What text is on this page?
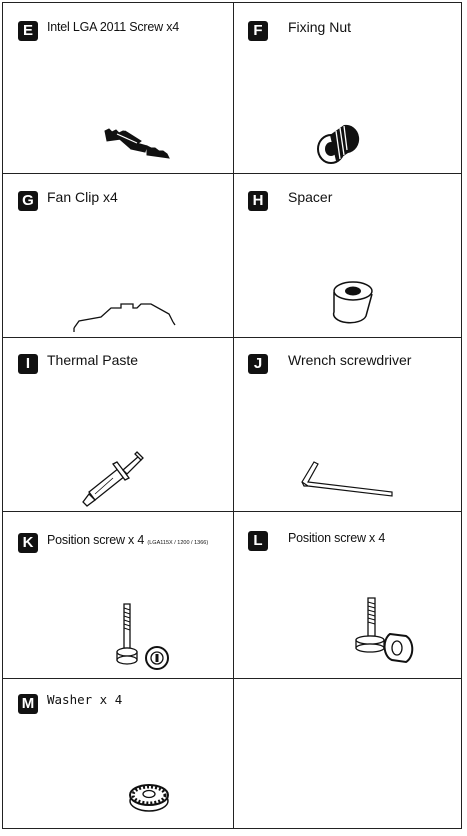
E	Intel LGA 2011 Screw x4	F	Fixing Nut
G Fan Clip x4	H	Spacer
I	Thermal Paste	J	Wrench screwdriver
K	Position screw x 4 (LGA115X / 1200 / 1366)	L	Position screw x 4
M	Washer x 4
